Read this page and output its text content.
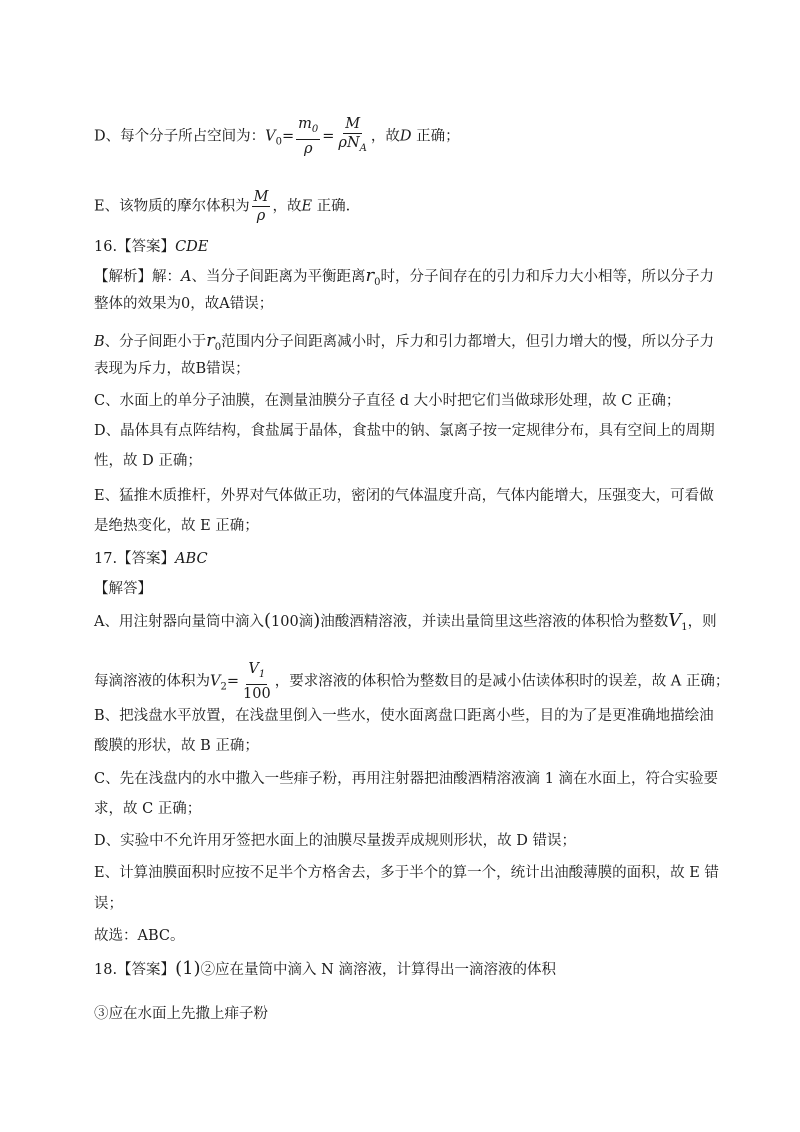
D、每个分子所占空间为：$V_0= \frac{m_0}{\rho} = \frac{M}{\rho N_A}$ ，故D 正确；
E、该物质的摩尔体积为 $\frac{M}{\rho}$ ，故E 正确.
16.【答案】CDE
【解析】解：A、当分子间距离为平衡距离$r_0$时，分子间存在的引力和斥力大小相等，所以分子力
整体的效果为0，故A错误；
B、分子间距小于$r_0$范围内分子间距离减小时，斥力和引力都增大，但引力增大的慢，所以分子力
表现为斥力，故B错误；
C、水面上的单分子油膜，在测量油膜分子直径 d 大小时把它们当做球形处理，故 C 正确；
D、晶体具有点阵结构，食盐属于晶体，食盐中的钠、氯离子按一定规律分布，具有空间上的周期
性，故 D 正确；
E、猛推木质推杆，外界对气体做正功，密闭的气体温度升高，气体内能增大，压强变大，可看做
是绝热变化，故 E 正确；
17.【答案】ABC
【解答】
A、用注射器向量筒中滴入(100滴)油酸酒精溶液，并读出量筒里这些溶液的体积恰为整数$V_1$，则
每滴溶液的体积为$V_2= \frac{V_1}{100}$ ，要求溶液的体积恰为整数目的是减小估读体积时的误差，故 A 正确；
B、把浅盘水平放置，在浅盘里倒入一些水，使水面离盘口距离小些，目的为了是更准确地描绘油
酸膜的形状，故 B 正确；
C、先在浅盘内的水中撒入一些痱子粉，再用注射器把油酸酒精溶液滴 1 滴在水面上，符合实验要
求，故 C 正确；
D、实验中不允许用牙签把水面上的油膜尽量拨弄成规则形状，故 D 错误；
E、计算油膜面积时应按不足半个方格舍去，多于半个的算一个，统计出油酸薄膜的面积，故 E 错
误；
故选：ABC。
18.【答案】(1)②应在量筒中滴入 N 滴溶液，计算得出一滴溶液的体积
③应在水面上先撒上痱子粉
